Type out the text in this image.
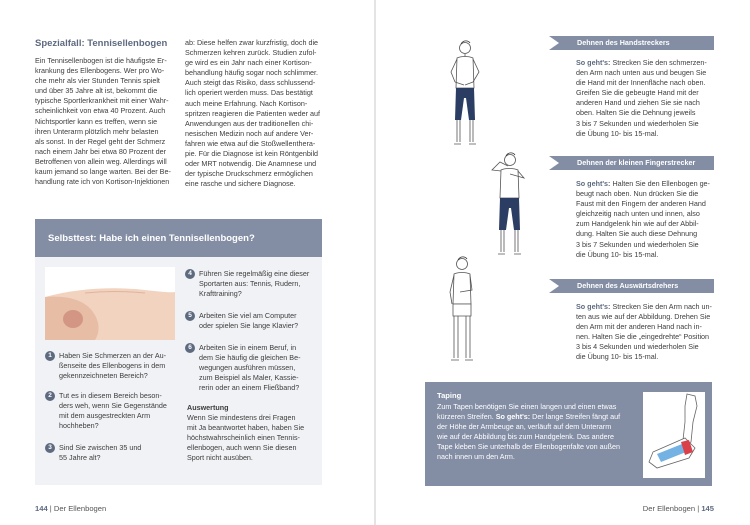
Spezialfall: Tennisellenbogen
Ein Tennisellenbogen ist die häufigste Er-
krankung des Ellenbogens. Wer pro Wo-
che mehr als vier Stunden Tennis spielt
und über 35 Jahre alt ist, bekommt die
typische Sportlerkrankheit mit einer Wahr-
scheinlichkeit von etwa 40 Prozent. Auch
Nichtsportler kann es treffen, wenn sie
ihren Unterarm plötzlich mehr belasten
als sonst. In der Regel geht der Schmerz
nach einem Jahr bei etwa 80 Prozent der
Betroffenen von allein weg. Allerdings will
kaum jemand so lange warten. Bei der Be-
handlung rate ich von Kortison-Injektionen
ab: Diese helfen zwar kurzfristig, doch die
Schmerzen kehren zurück. Studien zufol-
ge wird es ein Jahr nach einer Kortison-
behandlung häufig sogar noch schlimmer.
Auch steigt das Risiko, dass schlussend-
lich operiert werden muss. Das bestätigt
auch meine Erfahrung. Nach Kortison-
spritzen reagieren die Patienten weder auf
Anwendungen aus der traditionellen chi-
nesischen Medizin noch auf andere Ver-
fahren wie etwa auf die Stoßwellenthera-
pie. Für die Diagnose ist kein Röntgenbild
oder MRT notwendig. Die Anamnese und
der typische Druckschmerz ermöglichen
eine rasche und sichere Diagnose.
Selbsttest: Habe ich einen Tennisellenbogen?
1 Haben Sie Schmerzen an der Au-
ßenseite des Ellenbogens in dem
gekennzeichneten Bereich?
2 Tut es in diesem Bereich beson-
ders weh, wenn Sie Gegenstände
mit dem ausgestreckten Arm
hochheben?
3 Sind Sie zwischen 35 und
55 Jahre alt?
4 Führen Sie regelmäßig eine dieser
Sportarten aus: Tennis, Rudern,
Krafttraining?
5 Arbeiten Sie viel am Computer
oder spielen Sie lange Klavier?
6 Arbeiten Sie in einem Beruf, in
dem Sie häufig die gleichen Be-
wegungen ausführen müssen,
zum Beispiel als Maler, Kassie-
rerin oder an einem Fließband?
Auswertung
Wenn Sie mindestens drei Fragen
mit Ja beantwortet haben, haben Sie
höchstwahrscheinlich einen Tennis-
ellenbogen, auch wenn Sie diesen
Sport nicht ausüben.
144 | Der Ellenbogen
Dehnen des Handstreckers
So geht's: Strecken Sie den schmerzen-
den Arm nach unten aus und beugen Sie
die Hand mit der Innenfläche nach oben.
Greifen Sie die gebeugte Hand mit der
anderen Hand und ziehen Sie sie nach
oben. Halten Sie die Dehnung jeweils
3 bis 7 Sekunden und wiederholen Sie
die Übung 10- bis 15-mal.
Dehnen der kleinen Fingerstrecker
So geht's: Halten Sie den Ellenbogen ge-
beugt nach oben. Nun drücken Sie die
Faust mit den Fingern der anderen Hand
gleichzeitig nach unten und innen, also
zum Handgelenk hin wie auf der Abbil-
dung. Halten Sie auch diese Dehnung
3 bis 7 Sekunden und wiederholen Sie
die Übung 10- bis 15-mal.
Dehnen des Auswärtsdrehers
So geht's: Strecken Sie den Arm nach un-
ten aus wie auf der Abbildung. Drehen Sie
den Arm mit der anderen Hand nach in-
nen. Halten Sie die „eingedrehte“ Position
3 bis 4 Sekunden und wiederholen Sie
die Übung 10- bis 15-mal.
Taping
Zum Tapen benötigen Sie einen langen und einen etwas
kürzeren Streifen. So geht's: Der lange Streifen fängt auf
der Höhe der Armbeuge an, verläuft auf dem Unterarm
wie auf der Abbildung bis zum Handgelenk. Das andere
Tape kleben Sie unterhalb der Ellenbogenfalte von außen
nach innen um den Arm.
Der Ellenbogen | 145
